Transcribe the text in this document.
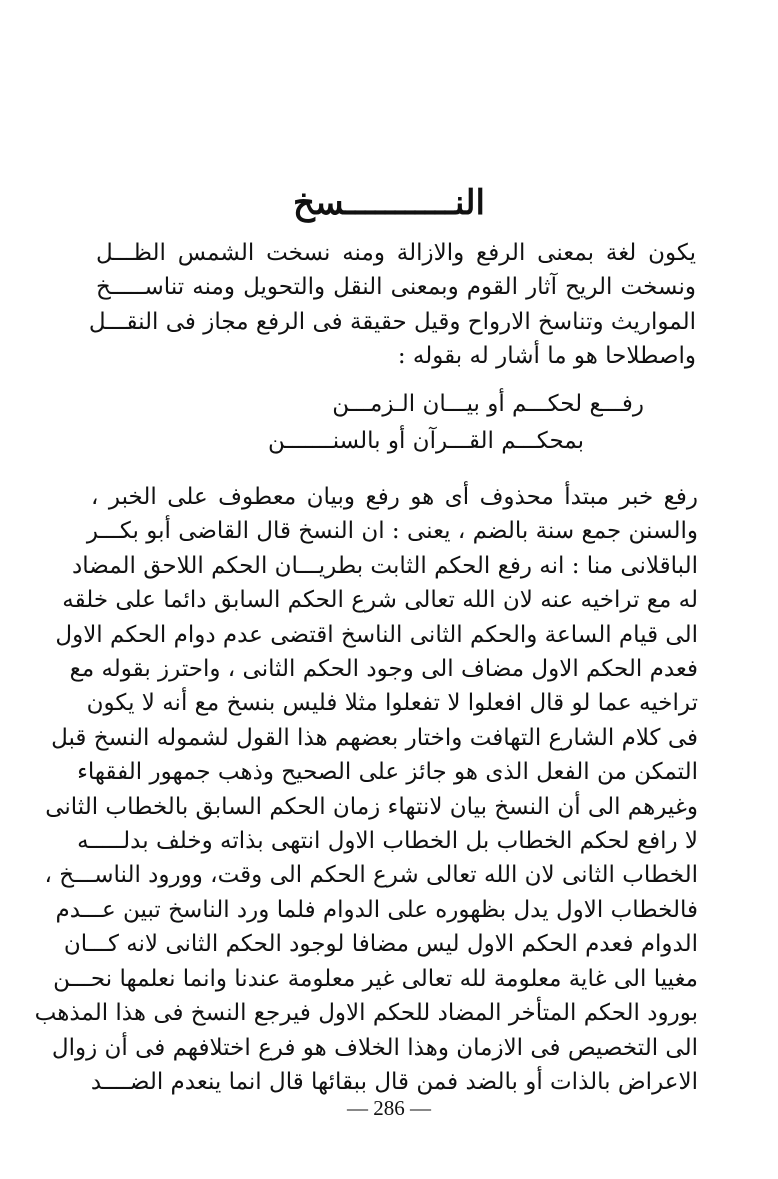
النـــــــــــسخ
يكون لغة بمعنى الرفع والازالة ومنه نسخت الشمس الظـــل
ونسخت الريح آثار القوم وبمعنى النقل والتحويل ومنه تناســـــخ
المواريث وتناسخ الارواح وقيل حقيقة فى الرفع مجاز فى النقـــل
واصطلاحا هو ما أشار له بقوله :
رفـــع لحكـــم أو بيـــان الـزمـــن
بمحكـــم القـــرآن أو بالسنـــــــن
رفع خبر مبتدأ محذوف أى هو رفع وبيان معطوف على الخبر ،
والسنن جمع سنة بالضم ، يعنى : ان النسخ قال القاضى أبو بكـــر
الباقلانى منا : انه رفع الحكم الثابت بطريـــان الحكم اللاحق المضاد
له مع تراخيه عنه لان الله تعالى شرع الحكم السابق دائما على خلقه
الى قيام الساعة والحكم الثانى الناسخ اقتضى عدم دوام الحكم الاول
فعدم الحكم الاول مضاف الى وجود الحكم الثانى ، واحترز بقوله مع
تراخيه عما لو قال افعلوا لا تفعلوا مثلا فليس بنسخ مع أنه لا يكون
فى كلام الشارع التهافت واختار بعضهم هذا القول لشموله النسخ قبل
التمكن من الفعل الذى هو جائز على الصحيح وذهب جمهور الفقهاء
وغيرهم الى أن النسخ بيان لانتهاء زمان الحكم السابق بالخطاب الثانى
لا رافع لحكم الخطاب بل الخطاب الاول انتهى بذاته وخلف بدلـــــه
الخطاب الثانى لان الله تعالى شرع الحكم الى وقت، وورود الناســـخ ،
فالخطاب الاول يدل بظهوره على الدوام فلما ورد الناسخ تبين عـــدم
الدوام فعدم الحكم الاول ليس مضافا لوجود الحكم الثانى لانه كـــان
مغييا الى غاية معلومة لله تعالى غير معلومة عندنا وانما نعلمها نحـــن
بورود الحكم المتأخر المضاد للحكم الاول فيرجع النسخ فى هذا المذهب
الى التخصيص فى الازمان وهذا الخلاف هو فرع اختلافهم فى أن زوال
الاعراض بالذات أو بالضد فمن قال ببقائها قال انما ينعدم الضــــد
— 286 —
